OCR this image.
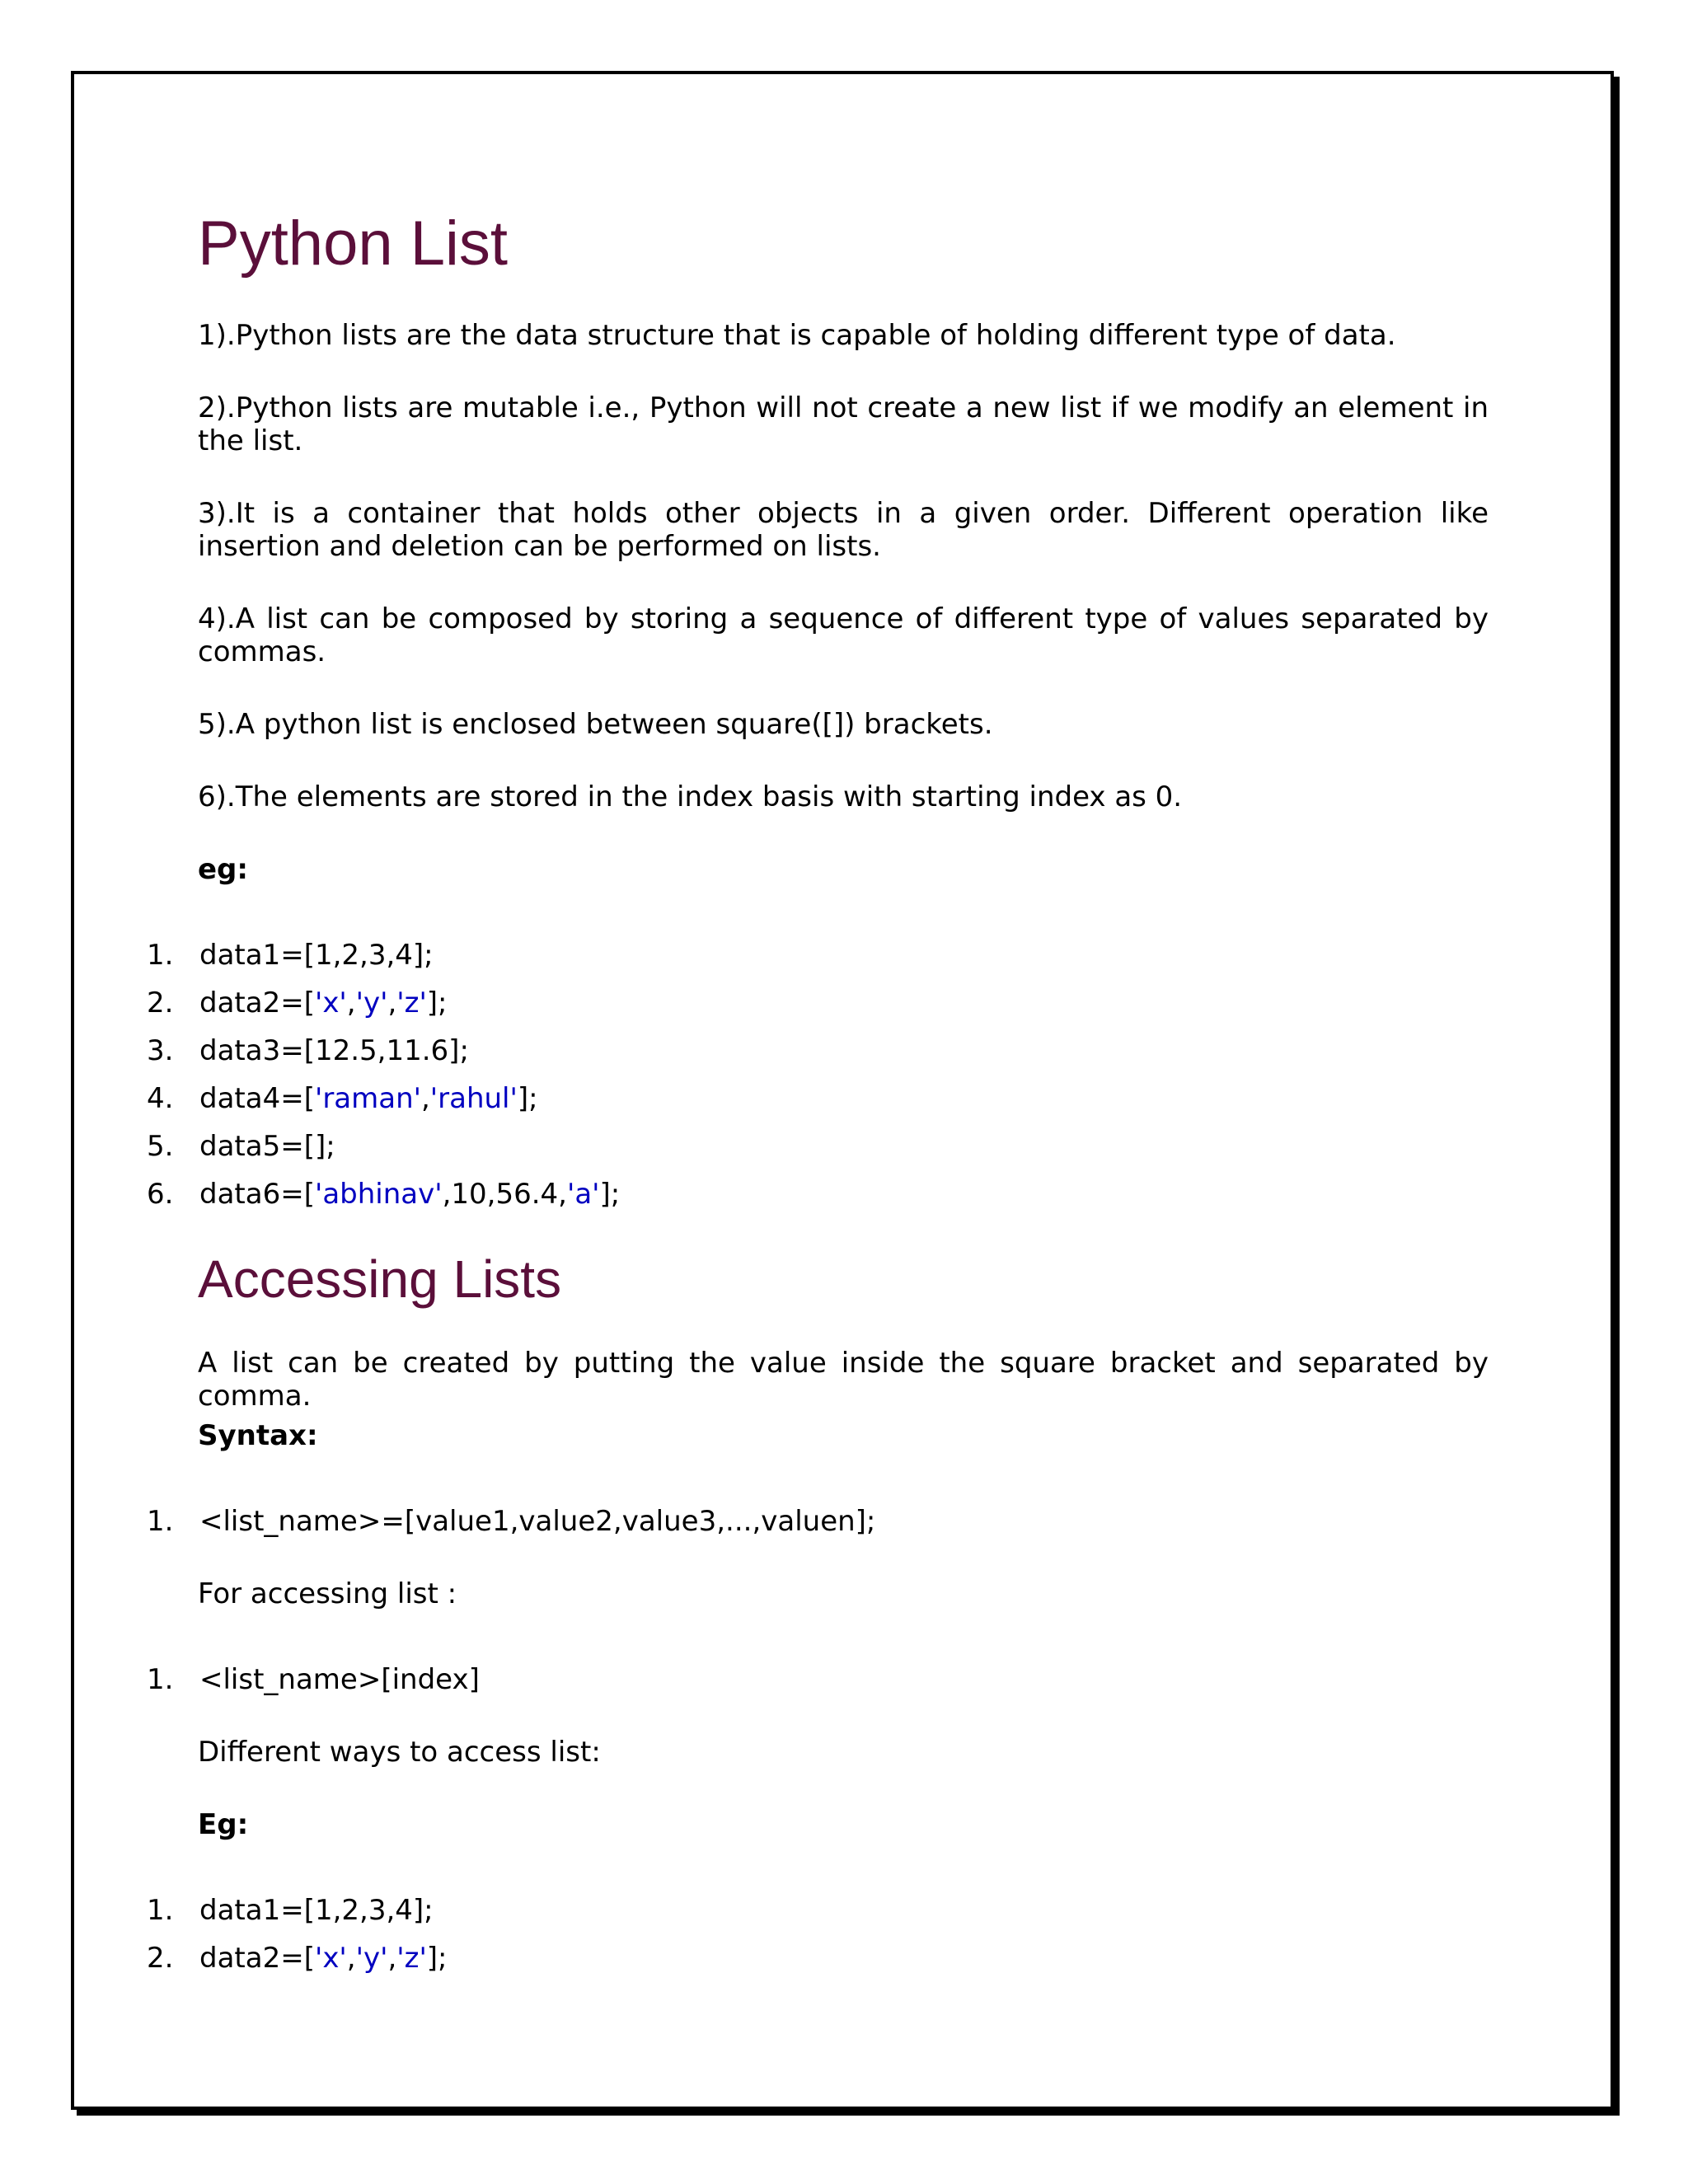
Python List
1).Python lists are the data structure that is capable of holding different type of data.
2).Python lists are mutable i.e., Python will not create a new list if we modify an element in the list.
3).It is a container that holds other objects in a given order. Different operation like insertion and deletion can be performed on lists.
4).A list can be composed by storing a sequence of different type of values separated by commas.
5).A python list is enclosed between square([]) brackets.
6).The elements are stored in the index basis with starting index as 0.
eg:
1. data1=[1,2,3,4];
2. data2=['x','y','z'];
3. data3=[12.5,11.6];
4. data4=['raman','rahul'];
5. data5=[];
6. data6=['abhinav',10,56.4,'a'];
Accessing Lists
A list can be created by putting the value inside the square bracket and separated by comma.
Syntax:
1. <list_name>=[value1,value2,value3,...,valuen];
For accessing list :
1. <list_name>[index]
Different ways to access list:
Eg:
1. data1=[1,2,3,4];
2. data2=['x','y','z'];
